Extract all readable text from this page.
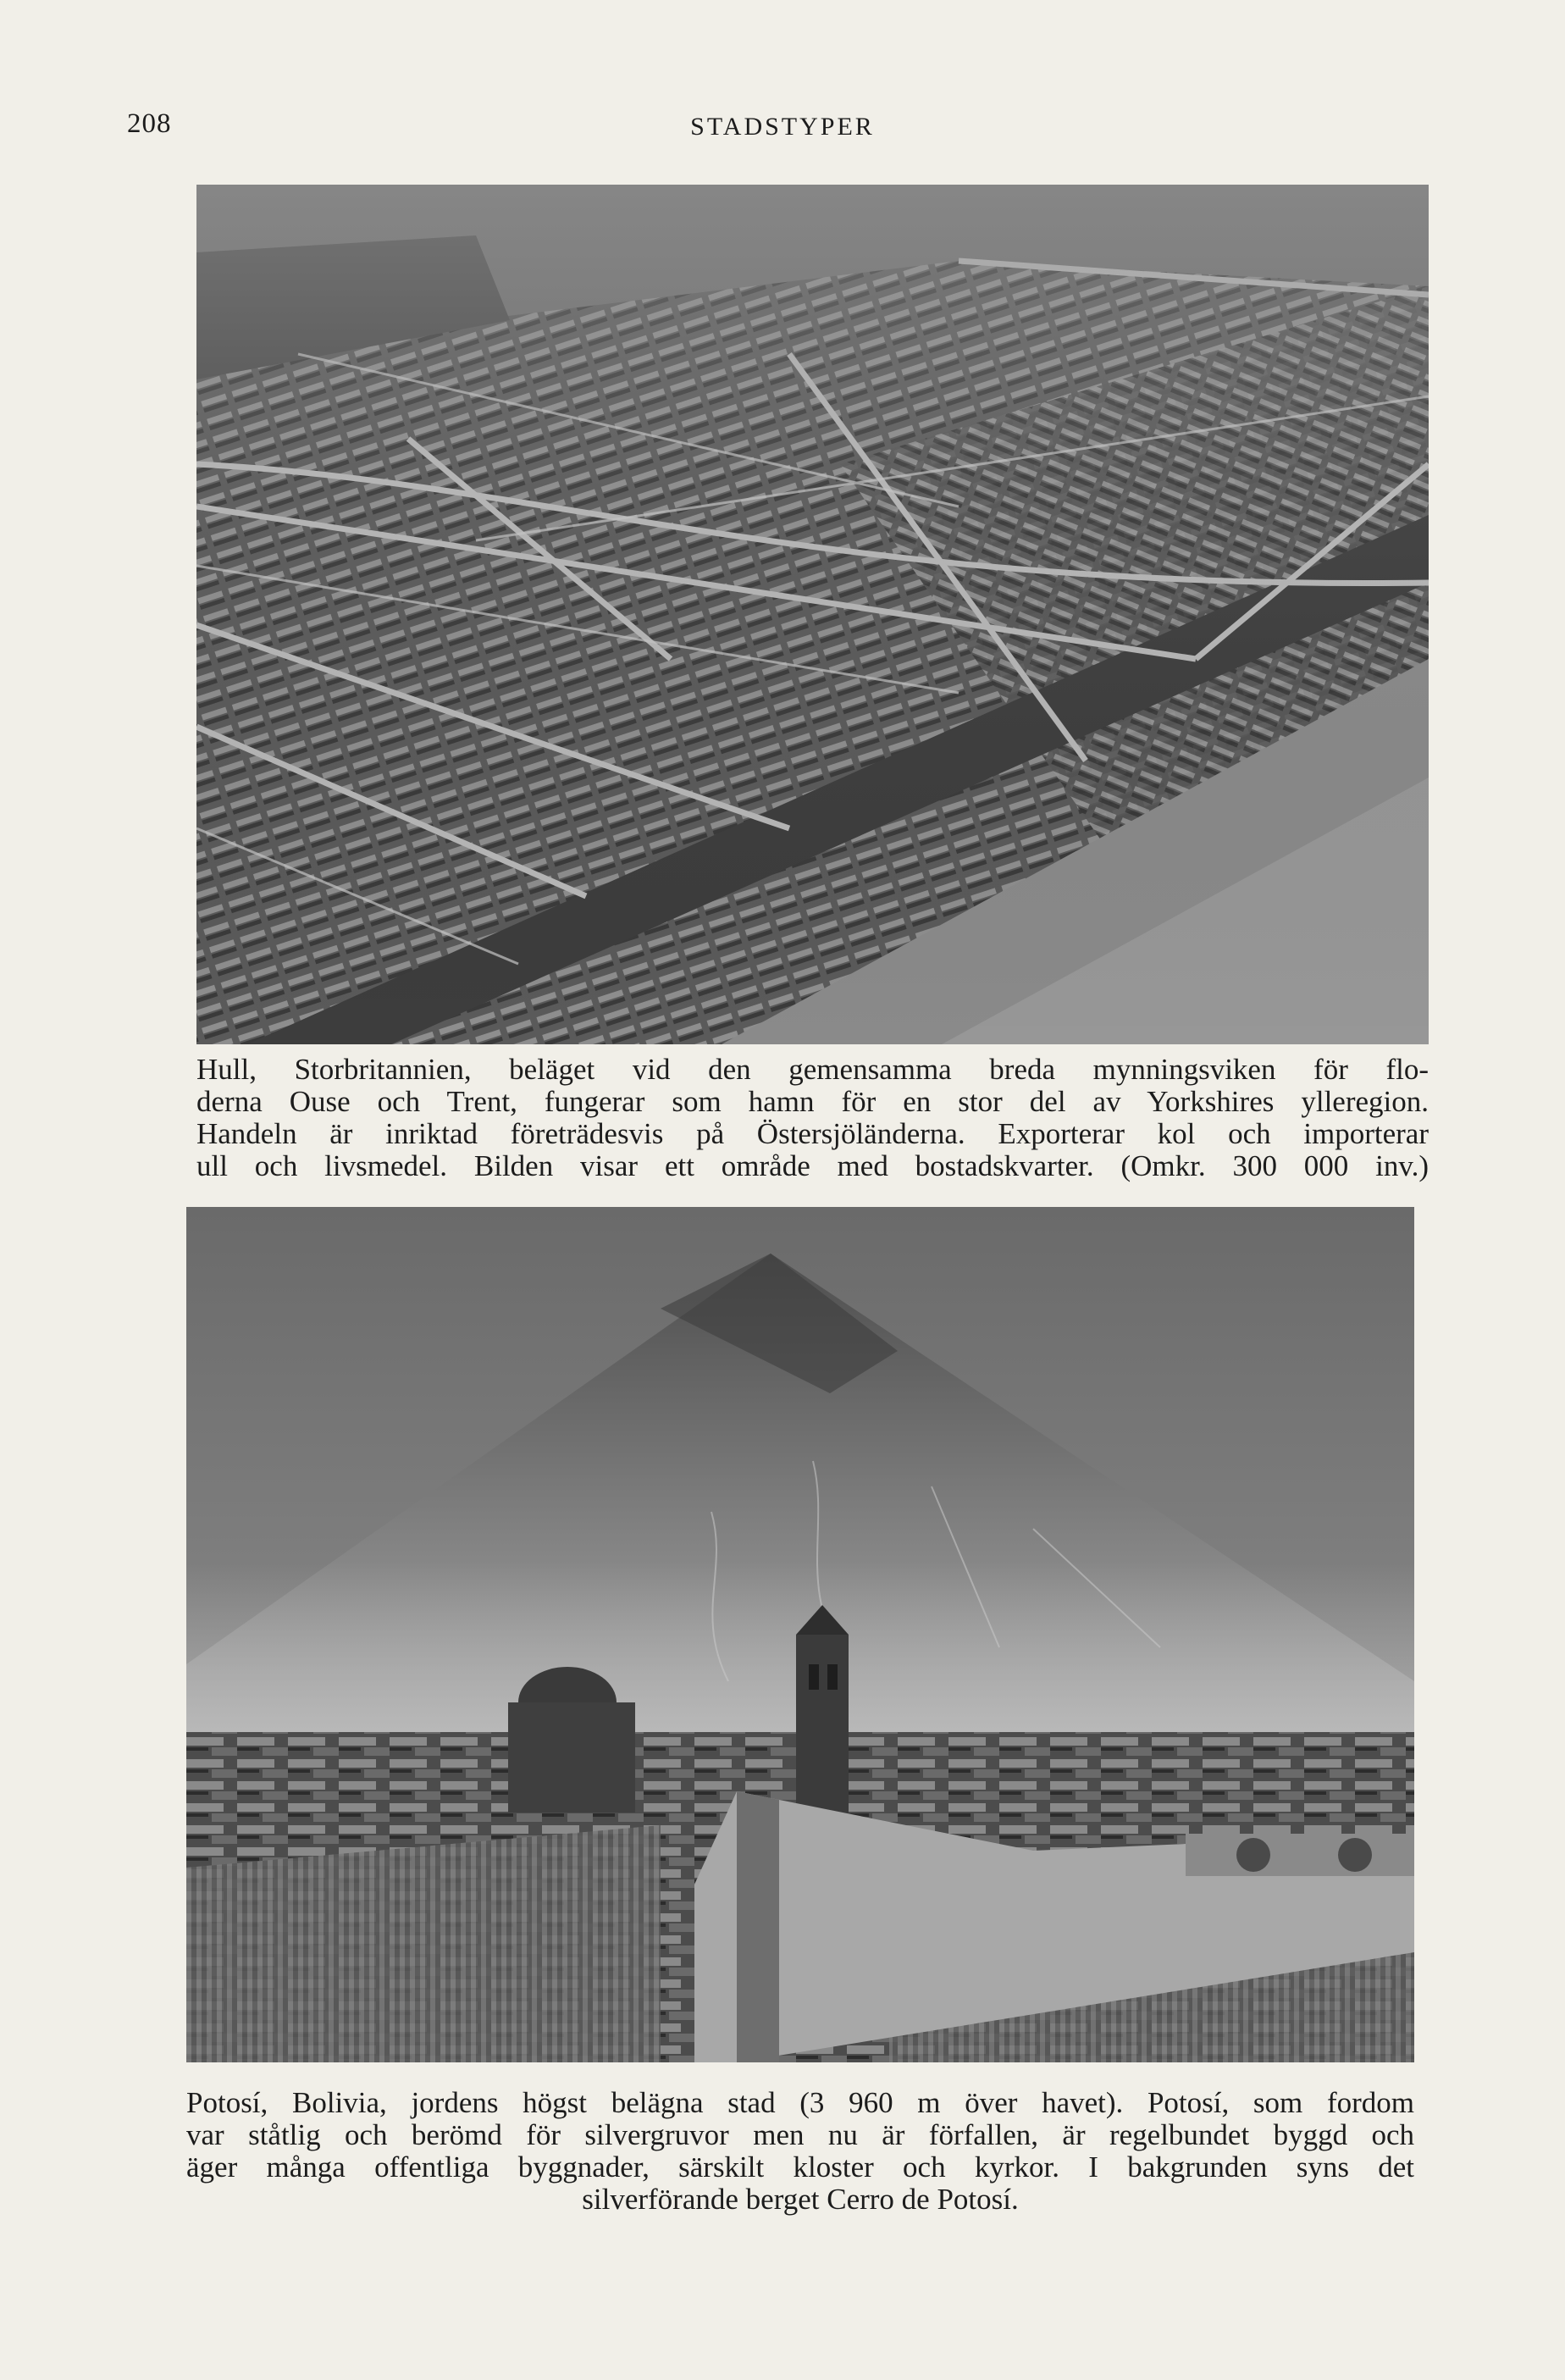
208	STADSTYPER
Hull, Storbritannien, beläget vid den gemensamma breda mynningsviken för flo-
derna Ouse och Trent, fungerar som hamn för en stor del av Yorkshires ylleregion.
Handeln är inriktad företrädesvis på Östersjöländerna. Exporterar kol och importerar
ull och livsmedel. Bilden visar ett område med bostadskvarter. (Omkr. 300 000 inv.)
Potosí, Bolivia, jordens högst belägna stad (3 960 m över havet). Potosí, som fordom
var ståtlig och berömd för silvergruvor men nu är förfallen, är regelbundet byggd och
äger många offentliga byggnader, särskilt kloster och kyrkor. I bakgrunden syns det
silverförande berget Cerro de Potosí.
